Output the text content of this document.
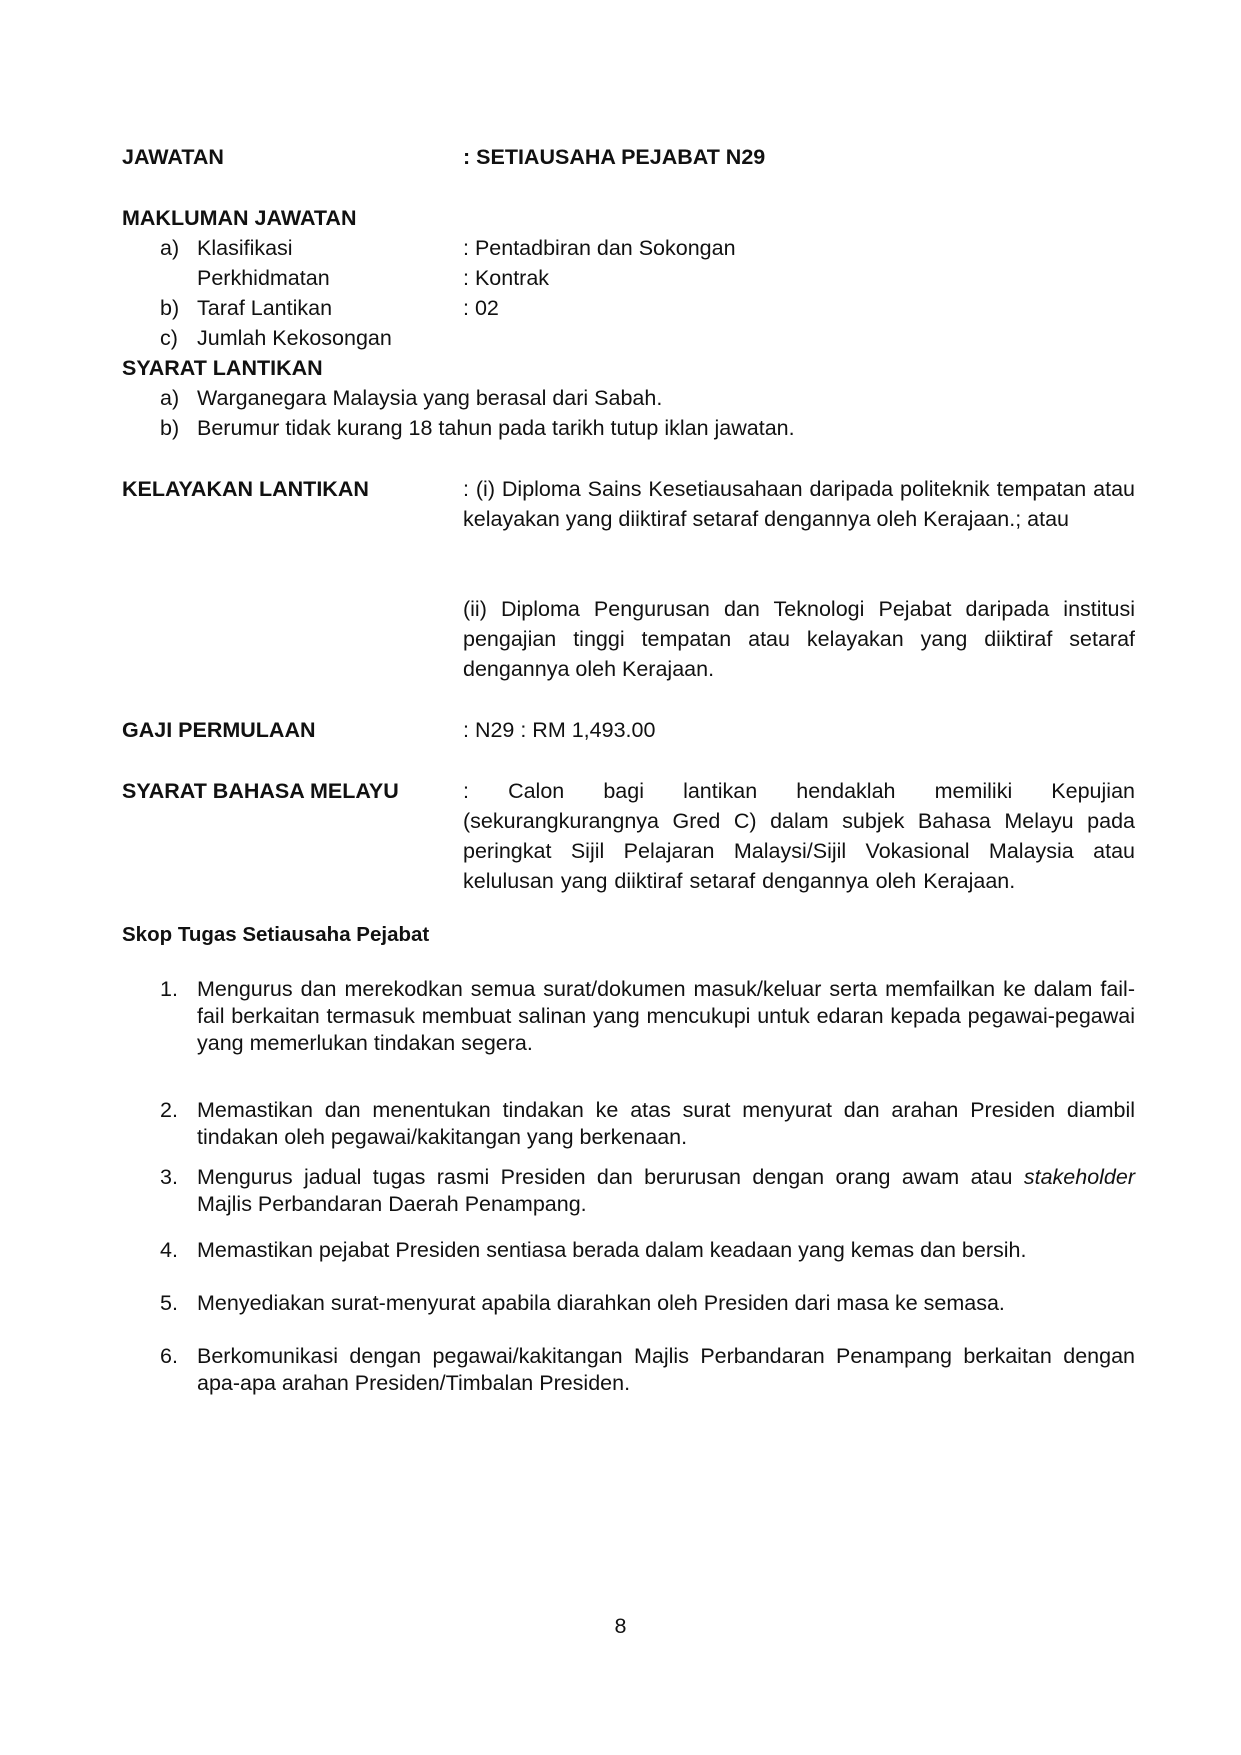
JAWATAN	: SETIAUSAHA PEJABAT N29
MAKLUMAN JAWATAN
a) Klasifikasi	: Pentadbiran dan Sokongan
Perkhidmatan	: Kontrak
b) Taraf Lantikan	: 02
c) Jumlah Kekosongan
SYARAT LANTIKAN
a) Warganegara Malaysia yang berasal dari Sabah.
b) Berumur tidak kurang 18 tahun pada tarikh tutup iklan jawatan.
KELAYAKAN LANTIKAN	: (i) Diploma Sains Kesetiausahaan daripada politeknik tempatan atau kelayakan yang diiktiraf setaraf dengannya oleh Kerajaan.; atau
(ii) Diploma Pengurusan dan Teknologi Pejabat daripada institusi pengajian tinggi tempatan atau kelayakan yang diiktiraf setaraf dengannya oleh Kerajaan.
GAJI PERMULAAN	: N29 : RM 1,493.00
SYARAT BAHASA MELAYU	: Calon bagi lantikan hendaklah memiliki Kepujian (sekurangkurangnya Gred C) dalam subjek Bahasa Melayu pada peringkat Sijil Pelajaran Malaysi/Sijil Vokasional Malaysia atau kelulusan yang diiktiraf setaraf dengannya oleh Kerajaan.
Skop Tugas Setiausaha Pejabat
1. Mengurus dan merekodkan semua surat/dokumen masuk/keluar serta memfailkan ke dalam fail-fail berkaitan termasuk membuat salinan yang mencukupi untuk edaran kepada pegawai-pegawai yang memerlukan tindakan segera.
2. Memastikan dan menentukan tindakan ke atas surat menyurat dan arahan Presiden diambil tindakan oleh pegawai/kakitangan yang berkenaan.
3. Mengurus jadual tugas rasmi Presiden dan berurusan dengan orang awam atau stakeholder Majlis Perbandaran Daerah Penampang.
4. Memastikan pejabat Presiden sentiasa berada dalam keadaan yang kemas dan bersih.
5. Menyediakan surat-menyurat apabila diarahkan oleh Presiden dari masa ke semasa.
6. Berkomunikasi dengan pegawai/kakitangan Majlis Perbandaran Penampang berkaitan dengan apa-apa arahan Presiden/Timbalan Presiden.
8
